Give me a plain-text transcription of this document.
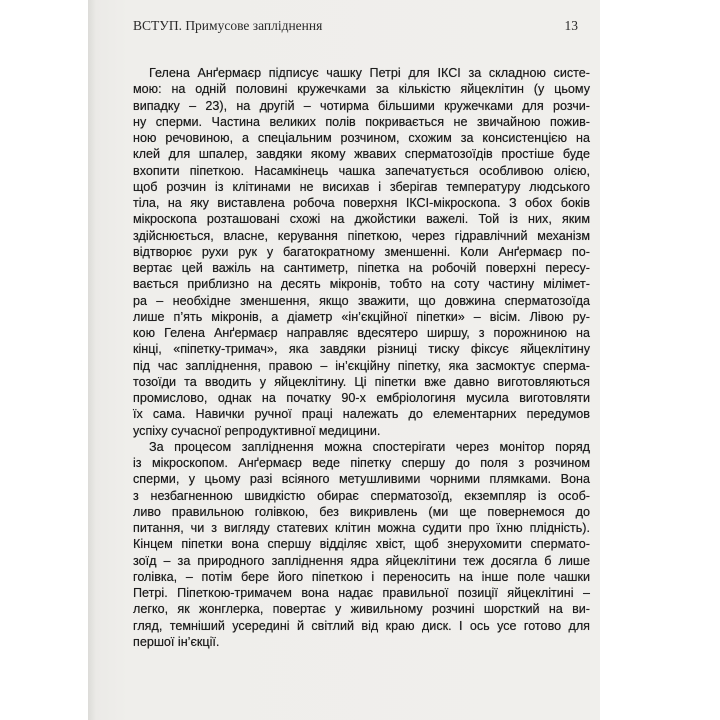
ВСТУП. Примусове запліднення	13
Гелена Анґермаєр підписує чашку Петрі для ІКСІ за складною систе-
мою: на одній половині кружечками за кількістю яйцеклітин (у цьому
випадку – 23), на другій – чотирма більшими кружечками для розчи-
ну сперми. Частина великих полів покривається не звичайною пожив-
ною речовиною, а спеціальним розчином, схожим за консистенцією на
клей для шпалер, завдяки якому жвавих сперматозоїдів простіше буде
вхопити піпеткою. Насамкінець чашка запечатується особливою олією,
щоб розчин із клітинами не висихав і зберігав температуру людського
тіла, на яку виставлена робоча поверхня ІКСІ-мікроскопа. З обох боків
мікроскопа розташовані схожі на джойстики важелі. Той із них, яким
здійснюється, власне, керування піпеткою, через гідравлічний механізм
відтворює рухи рук у багатократному зменшенні. Коли Анґермаєр по-
вертає цей важіль на сантиметр, піпетка на робочій поверхні пересу-
вається приблизно на десять мікронів, тобто на соту частину мілімет-
ра – необхідне зменшення, якщо зважити, що довжина сперматозоїда
лише п’ять мікронів, а діаметр «ін’єкційної піпетки» – вісім. Лівою ру-
кою Гелена Анґермаєр направляє вдесятеро ширшу, з порожниною на
кінці, «піпетку-тримач», яка завдяки різниці тиску фіксує яйцеклітину
під час запліднення, правою – ін’єкційну піпетку, яка засмоктує сперма-
тозоїди та вводить у яйцеклітину. Ці піпетки вже давно виготовляються
промислово, однак на початку 90-х ембріологиня мусила виготовляти
їх сама. Навички ручної праці належать до елементарних передумов
успіху сучасної репродуктивної медицини.
За процесом запліднення можна спостерігати через монітор поряд
із мікроскопом. Анґермаєр веде піпетку спершу до поля з розчином
сперми, у цьому разі всіяного метушливими чорними плямками. Вона
з незбагненною швидкістю обирає сперматозоїд, екземпляр із особ-
ливо правильною голівкою, без викривлень (ми ще повернемося до
питання, чи з вигляду статевих клітин можна судити про їхню плідність).
Кінцем піпетки вона спершу відділяє хвіст, щоб знерухомити сперматo-
зоїд – за природного запліднення ядра яйцеклітини теж досягла б лише
голівка, – потім бере його піпеткою і переносить на інше поле чашки
Петрі. Піпеткою-тримачем вона надає правильної позиції яйцеклітині –
легко, як жонглерка, повертає у живильному розчині шорсткий на ви-
гляд, темніший усередині й світлий від краю диск. І ось усе готово для
першої ін’єкції.
